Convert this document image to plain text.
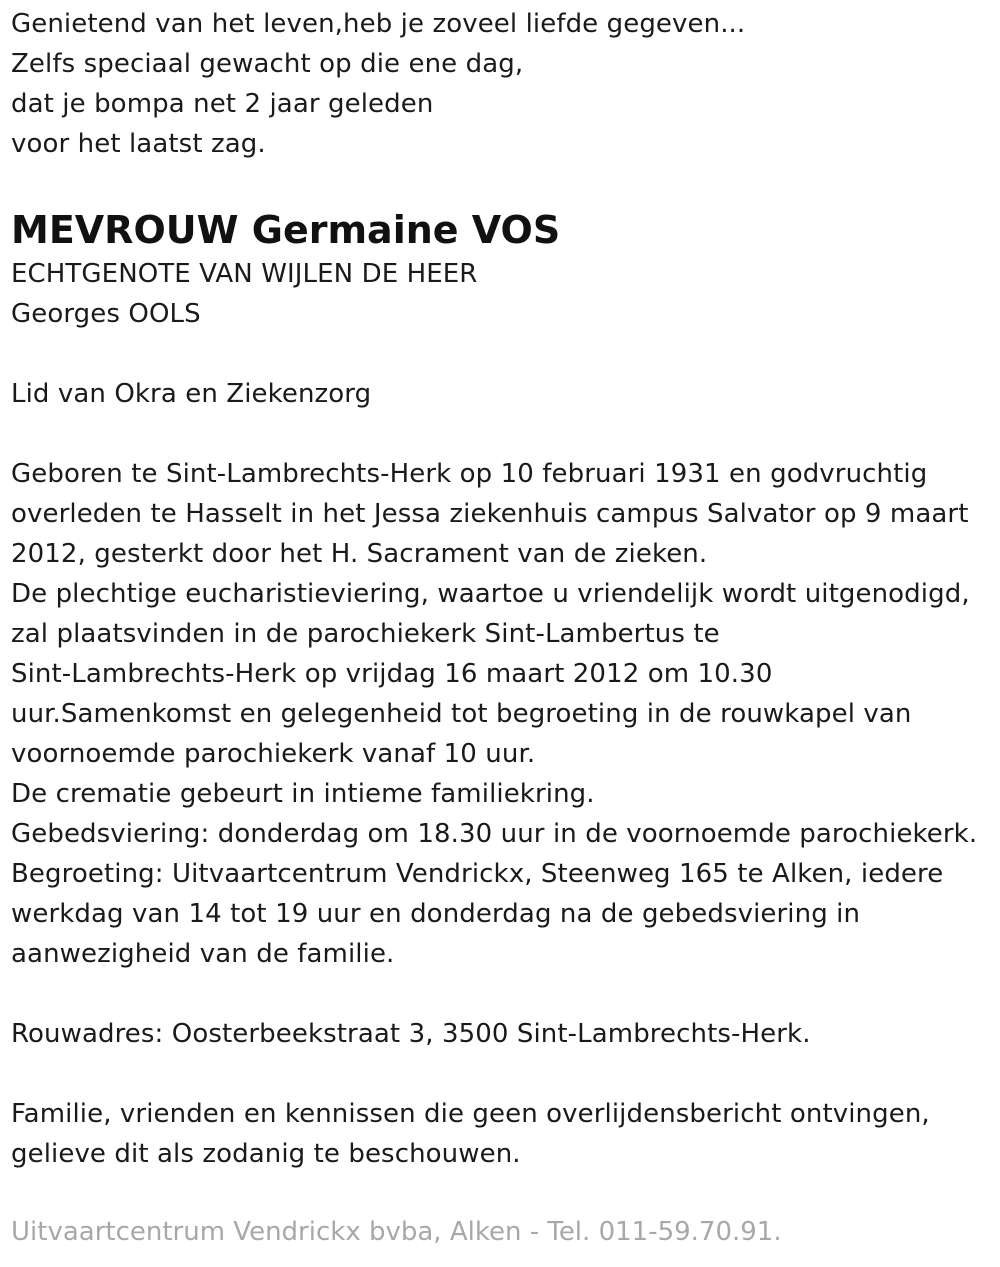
Genietend van het leven,heb je zoveel liefde gegeven...
Zelfs speciaal gewacht op die ene dag,
dat je bompa net 2 jaar geleden
voor het laatst zag.
MEVROUW Germaine VOS
ECHTGENOTE VAN WIJLEN DE HEER
Georges OOLS
Lid van Okra en Ziekenzorg
Geboren te Sint-Lambrechts-Herk op 10 februari 1931 en godvruchtig
overleden te Hasselt in het Jessa ziekenhuis campus Salvator op 9 maart
2012, gesterkt door het H. Sacrament van de zieken.
De plechtige eucharistieviering, waartoe u vriendelijk wordt uitgenodigd,
zal plaatsvinden in de parochiekerk Sint-Lambertus te
Sint-Lambrechts-Herk op vrijdag 16 maart 2012 om 10.30
uur.Samenkomst en gelegenheid tot begroeting in de rouwkapel van
voornoemde parochiekerk vanaf 10 uur.
De crematie gebeurt in intieme familiekring.
Gebedsviering: donderdag om 18.30 uur in de voornoemde parochiekerk.
Begroeting: Uitvaartcentrum Vendrickx, Steenweg 165 te Alken, iedere
werkdag van 14 tot 19 uur en donderdag na de gebedsviering in
aanwezigheid van de familie.
Rouwadres: Oosterbeekstraat 3, 3500 Sint-Lambrechts-Herk.
Familie, vrienden en kennissen die geen overlijdensbericht ontvingen,
gelieve dit als zodanig te beschouwen.
Uitvaartcentrum Vendrickx bvba, Alken - Tel. 011-59.70.91.
